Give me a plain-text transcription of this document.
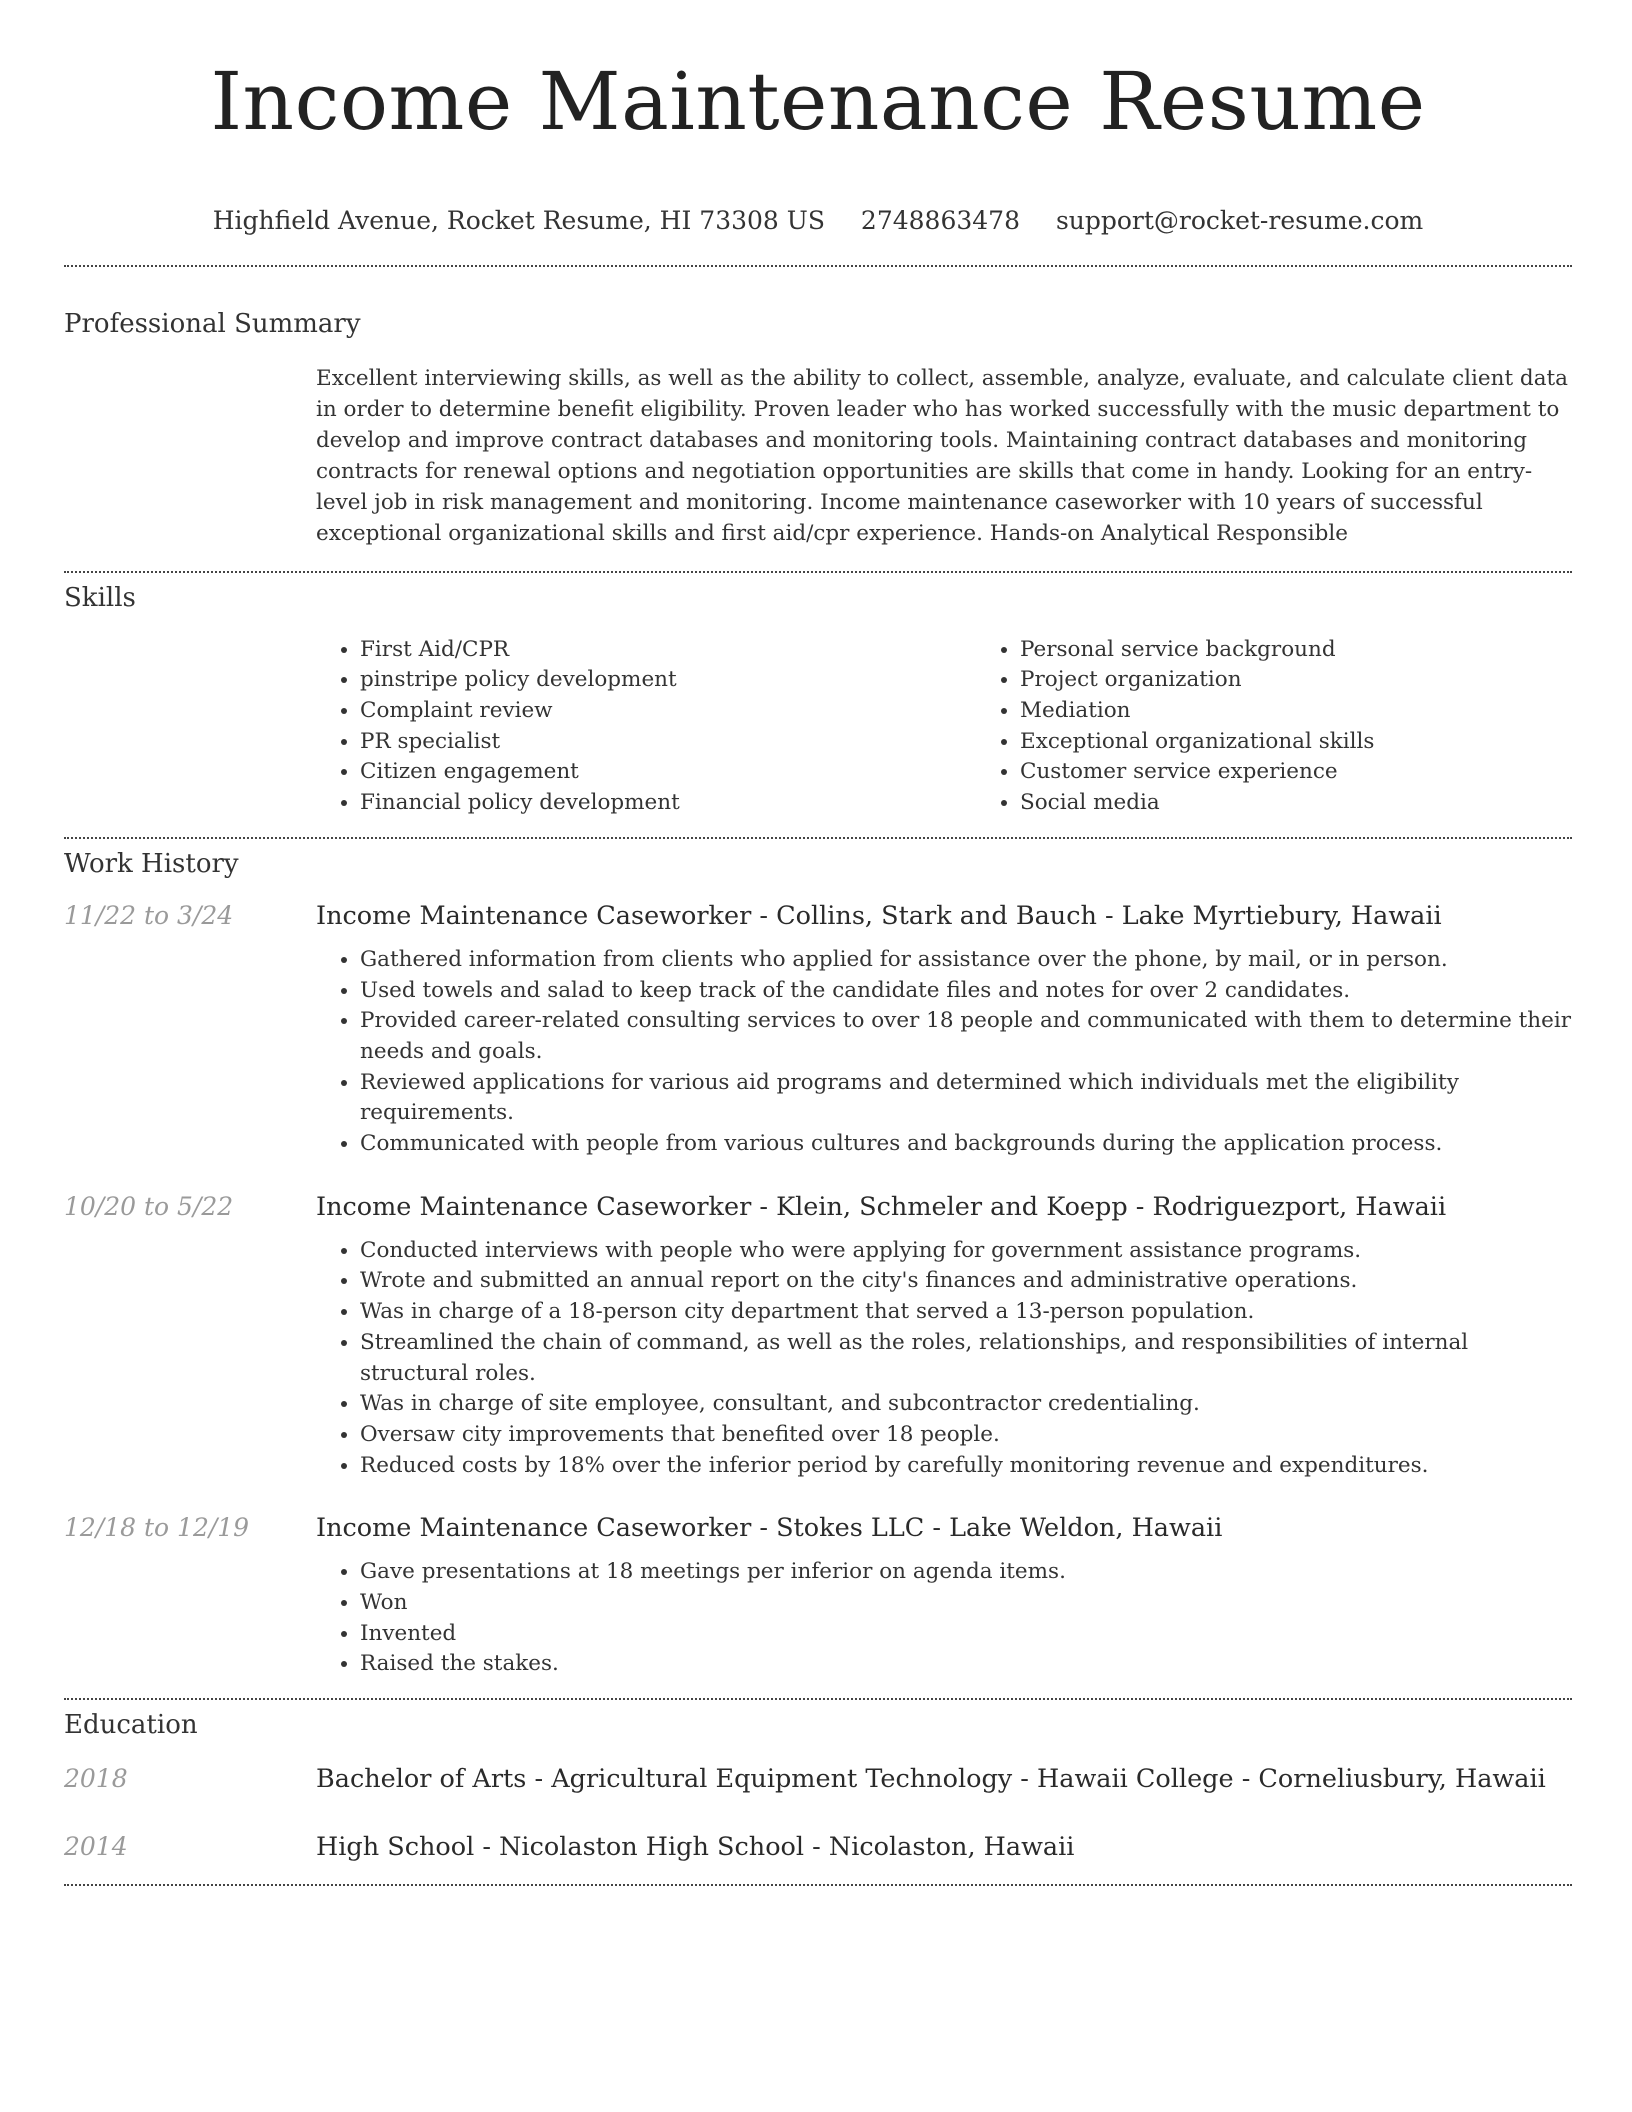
Income Maintenance Resume
Highfield Avenue, Rocket Resume, HI 73308 US 2748863478 support@rocket-resume.com
Professional Summary

Excellent interviewing skills, as well as the ability to collect, assemble, analyze, evaluate, and calculate client data in order to determine benefit eligibility. Proven leader who has worked successfully with the music department to develop and improve contract databases and monitoring tools. Maintaining contract databases and monitoring contracts for renewal options and negotiation opportunities are skills that come in handy. Looking for an entry-level job in risk management and monitoring. Income maintenance caseworker with 10 years of successful exceptional organizational skills and first aid/cpr experience. Hands-on Analytical Responsible

Skills
• First Aid/CPR
• pinstripe policy development
• Complaint review
• PR specialist
• Citizen engagement
• Financial policy development
• Personal service background
• Project organization
• Mediation
• Exceptional organizational skills
• Customer service experience
• Social media
Work History
11/22 to 3/24	Income Maintenance Caseworker - Collins, Stark and Bauch - Lake Myrtiebury, Hawaii

• Gathered information from clients who applied for assistance over the phone, by mail, or in person.
• Used towels and salad to keep track of the candidate files and notes for over 2 candidates.
• Provided career-related consulting services to over 18 people and communicated with them to determine their needs and goals.
• Reviewed applications for various aid programs and determined which individuals met the eligibility requirements.
• Communicated with people from various cultures and backgrounds during the application process.
10/20 to 5/22	Income Maintenance Caseworker - Klein, Schmeler and Koepp - Rodriguezport, Hawaii

• Conducted interviews with people who were applying for government assistance programs.
• Wrote and submitted an annual report on the city's finances and administrative operations.
• Was in charge of a 18-person city department that served a 13-person population.
• Streamlined the chain of command, as well as the roles, relationships, and responsibilities of internal structural roles.
• Was in charge of site employee, consultant, and subcontractor credentialing.
• Oversaw city improvements that benefited over 18 people.
• Reduced costs by 18% over the inferior period by carefully monitoring revenue and expenditures.
12/18 to 12/19	Income Maintenance Caseworker - Stokes LLC - Lake Weldon, Hawaii

• Gave presentations at 18 meetings per inferior on agenda items.
• Won
• Invented
• Raised the stakes.
Education
2018	Bachelor of Arts - Agricultural Equipment Technology - Hawaii College - Corneliusbury, Hawaii

2014	High School - Nicolaston High School - Nicolaston, Hawaii
